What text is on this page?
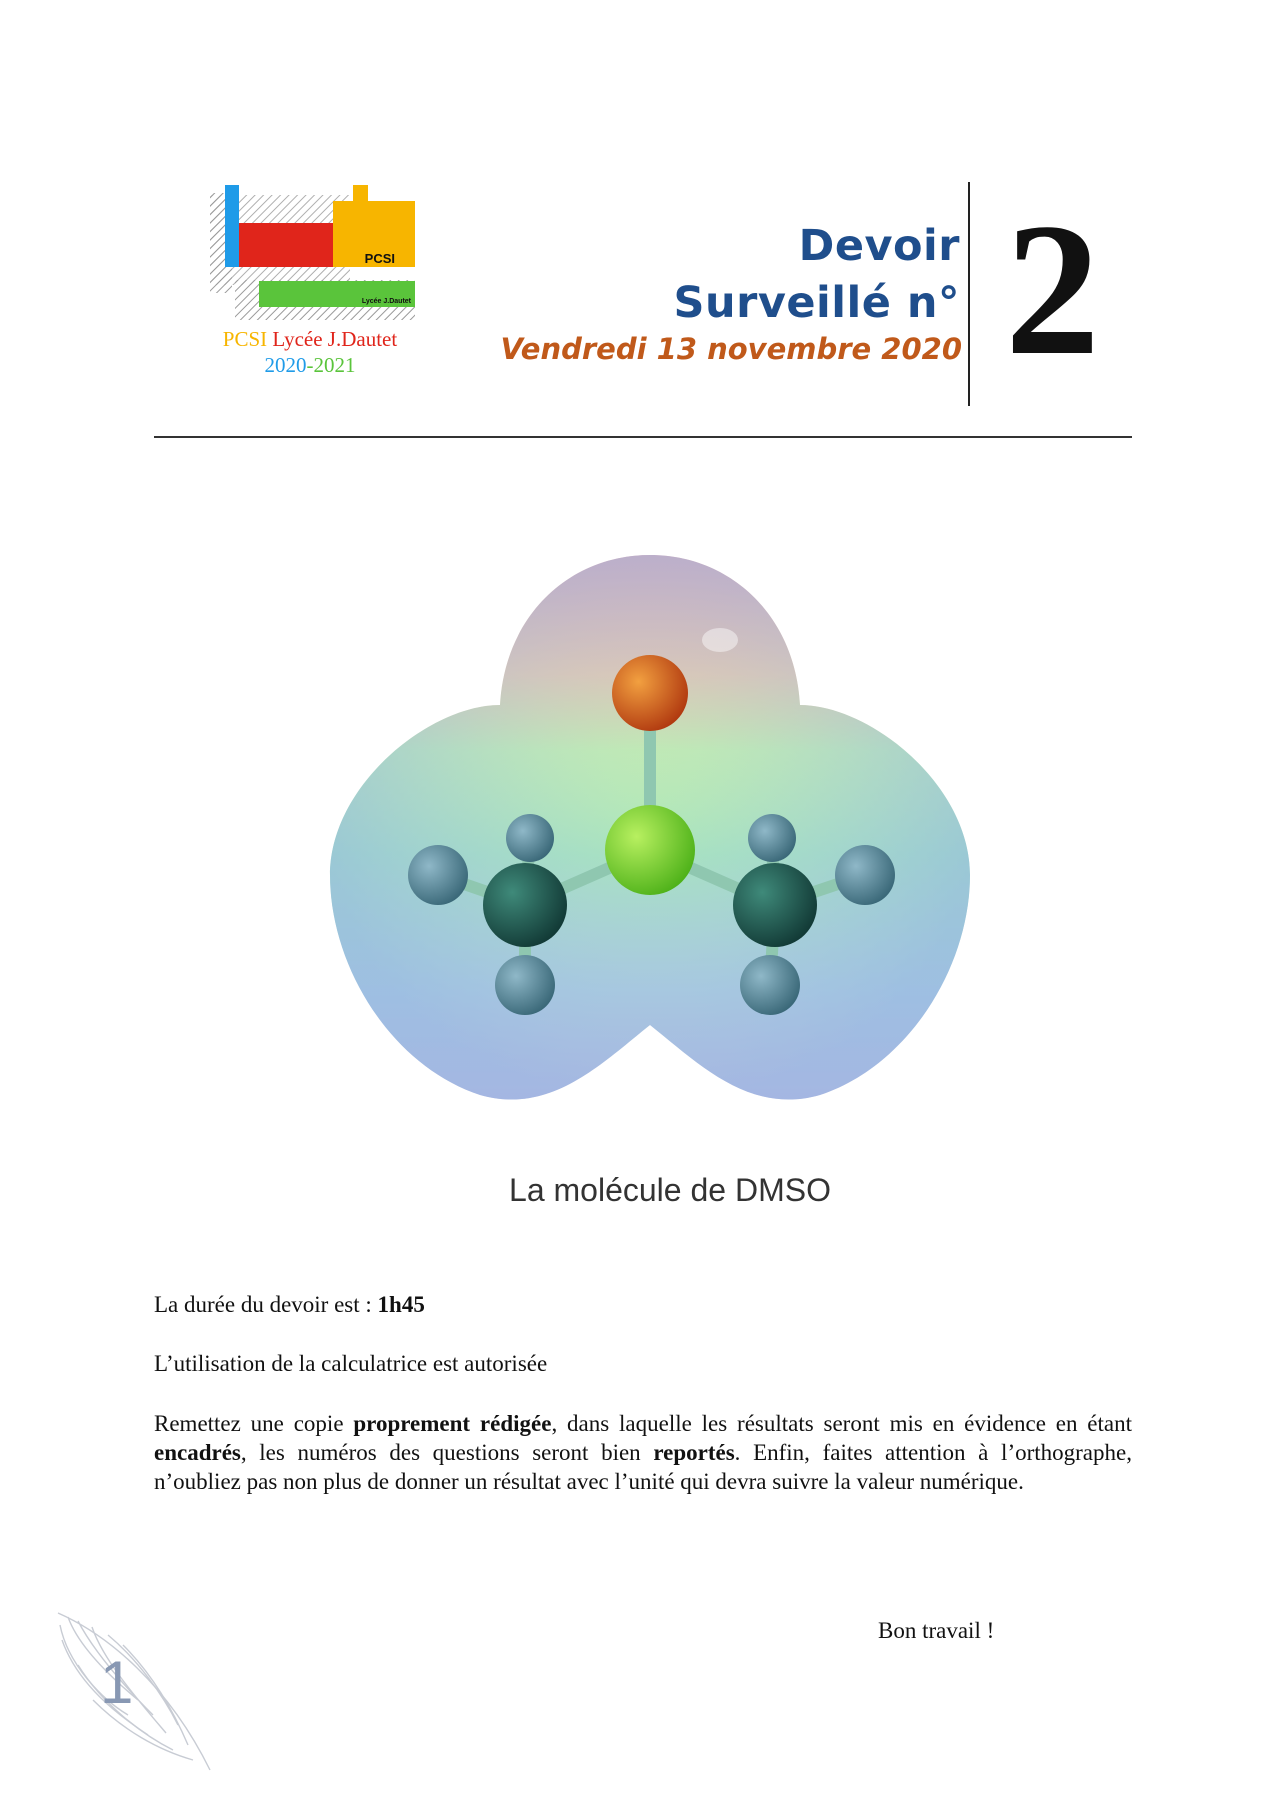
PCSI
Lycée J.Dautet
PCSI Lycée J.Dautet
2020-2021
Devoir
Surveillé n°
Vendredi 13 novembre 2020 2
La molécule de DMSO
La durée du devoir est : 1h45
L’utilisation de la calculatrice est autorisée
Remettez une copie proprement rédigée, dans laquelle les résultats seront mis en évidence en étant encadrés, les numéros des questions seront bien reportés. Enfin, faites attention à l’orthographe, n’oubliez pas non plus de donner un résultat avec l’unité qui devra suivre la valeur numérique.
Bon travail !
1
